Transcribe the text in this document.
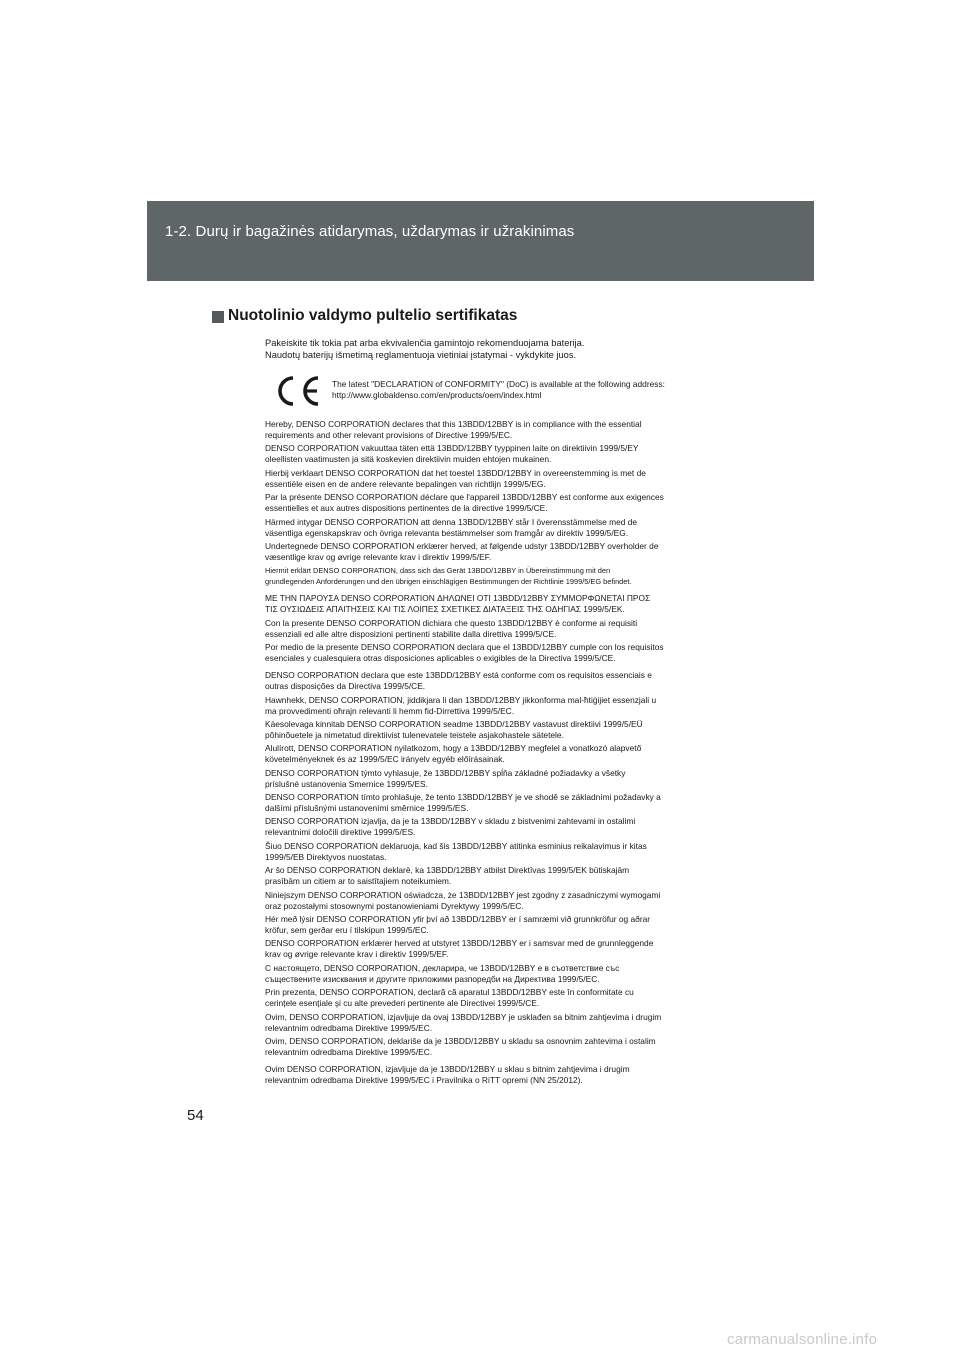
1-2. Durų ir bagažinės atidarymas, uždarymas ir užrakinimas
Nuotolinio valdymo pultelio sertifikatas
Pakeiskite tik tokia pat arba ekvivalenčia gamintojo rekomenduojama baterija.
Naudotų baterijų išmetimą reglamentuoja vietiniai įstatymai - vykdykite juos.
The latest "DECLARATION of CONFORMITY" (DoC) is available at the following address:
http://www.globaldenso.com/en/products/oem/index.html
Hereby, DENSO CORPORATION declares that this 13BDD/12BBY is in compliance with the essential
requirements and other relevant provisions of Directive 1999/5/EC.
DENSO CORPORATION vakuuttaa täten että 13BDD/12BBY tyyppinen laite on direktiivin 1999/5/EY
oleellisten vaatimusten ja sitä koskevien direktiivin muiden ehtojen mukainen.
Hierbij verklaart DENSO CORPORATION dat het toestel 13BDD/12BBY in overeenstemming is met de
essentiële eisen en de andere relevante bepalingen van richtlijn 1999/5/EG.
Par la présente DENSO CORPORATION déclare que l'appareil 13BDD/12BBY est conforme aux exigences
essentielles et aux autres dispositions pertinentes de la directive 1999/5/CE.
Härmed intygar DENSO CORPORATION att denna 13BDD/12BBY står I överensstämmelse med de
väsentliga egenskapskrav och övriga relevanta bestämmelser som framgår av direktiv 1999/5/EG.
Undertegnede DENSO CORPORATION erklærer herved, at følgende udstyr 13BDD/12BBY overholder de
væsentlige krav og øvrige relevante krav i direktiv 1999/5/EF.
Hiermit erklärt DENSO CORPORATION, dass sich das Gerät 13BDD/12BBY in Übereinstimmung mit den
grundlegenden Anforderungen und den übrigen einschlägigen Bestimmungen der Richtlinie 1999/5/EG befindet.
ΜΕ ΤΗΝ ΠΑΡΟΥΣΑ DENSO CORPORATION ΔΗΛΩΝΕΙ ΟΤΙ 13BDD/12BBY ΣΥΜΜΟΡΦΩΝΕΤΑΙ ΠΡΟΣ
ΤΙΣ ΟΥΣΙΩΔΕΙΣ ΑΠΑΙΤΗΣΕΙΣ ΚΑΙ ΤΙΣ ΛΟΙΠΕΣ ΣΧΕΤΙΚΕΣ ΔΙΑΤΑΞΕΙΣ ΤΗΣ ΟΔΗΓΙΑΣ 1999/5/ΕΚ.
Con la presente DENSO CORPORATION dichiara che questo 13BDD/12BBY è conforme ai requisiti
essenziali ed alle altre disposizioni pertinenti stabilite dalla direttiva 1999/5/CE.
Por medio de la presente DENSO CORPORATION declara que el 13BDD/12BBY cumple con los requisitos
esenciales y cualesquiera otras disposiciones aplicables o exigibles de la Directiva 1999/5/CE.
DENSO CORPORATION declara que este 13BDD/12BBY está conforme com os requisitos essenciais e
outras disposições da Directiva 1999/5/CE.
Hawnhekk, DENSO CORPORATION, jiddikjara li dan 13BDD/12BBY jikkonforma mal-ħtiġijiet essenzjali u
ma provvedimenti oħrajn relevanti li hemm fid-Dirrettiva 1999/5/EC.
Käesolevaga kinnitab DENSO CORPORATION seadme 13BDD/12BBY vastavust direktiivi 1999/5/EÜ
põhinõuetele ja nimetatud direktiivist tulenevatele teistele asjakohastele sätetele.
Alulírott, DENSO CORPORATION nyilatkozom, hogy a 13BDD/12BBY megfelel a vonatkozó alapvető
követelményeknek és az 1999/5/EC irányelv egyéb előírásainak.
DENSO CORPORATION týmto vyhlasuje, že 13BDD/12BBY spĺňa základné požiadavky a všetky
príslušné ustanovenia Smernice 1999/5/ES.
DENSO CORPORATION tímto prohlašuje, že tento 13BDD/12BBY je ve shodě se základními požadavky a
dalšími příslušnými ustanoveními směrnice 1999/5/ES.
DENSO CORPORATION izjavlja, da je ta 13BDD/12BBY v skladu z bistvenimi zahtevami in ostalimi
relevantnimi določili direktive 1999/5/ES.
Šiuo DENSO CORPORATION deklaruoja, kad šis 13BDD/12BBY atitinka esminius reikalavimus ir kitas
1999/5/EB Direktyvos nuostatas.
Ar šo DENSO CORPORATION deklarē, ka 13BDD/12BBY atbilst Direktīvas 1999/5/EK būtiskajām
prasībām un citiem ar to saistītajiem noteikumiem.
Niniejszym DENSO CORPORATION oświadcza, że 13BDD/12BBY jest zgodny z zasadniczymi wymogami
oraz pozostałymi stosownymi postanowieniami Dyrektywy 1999/5/EC.
Hér með lýsir DENSO CORPORATION yfir því að 13BDD/12BBY er í samræmi við grunnkröfur og aðrar
kröfur, sem gerðar eru í tilskipun 1999/5/EC.
DENSO CORPORATION erklærer herved at utstyret 13BDD/12BBY er i samsvar med de grunnleggende
krav og øvrige relevante krav i direktiv 1999/5/EF.
С настоящето, DENSO CORPORATION, декларира, че 13BDD/12BBY е в съответствие със
съществените изисквания и другите приложими разпоредби на Директива 1999/5/ЕС.
Prin prezenta, DENSO CORPORATION, declară că aparatul 13BDD/12BBY este în conformitate cu
cerințele esențiale şi cu alte prevederi pertinente ale Directivei 1999/5/CE.
Ovim, DENSO CORPORATION, izjavljuje da ovaj 13BDD/12BBY je usklađen sa bitnim zahtjevima i drugim
relevantnim odredbama Direktive 1999/5/EC.
Ovim, DENSO CORPORATION, deklariše da je 13BDD/12BBY u skladu sa osnovnim zahtevima i ostalim
relevantnim odredbama Direktive 1999/5/EC.
Ovim DENSO CORPORATION, izjavljuje da je 13BDD/12BBY u sklau s bitnim zahtjevima i drugim
relevantnim odredbama Direktive 1999/5/EC i Pravilnika o RiTT opremi (NN 25/2012).
54
carmanualsonline.info
